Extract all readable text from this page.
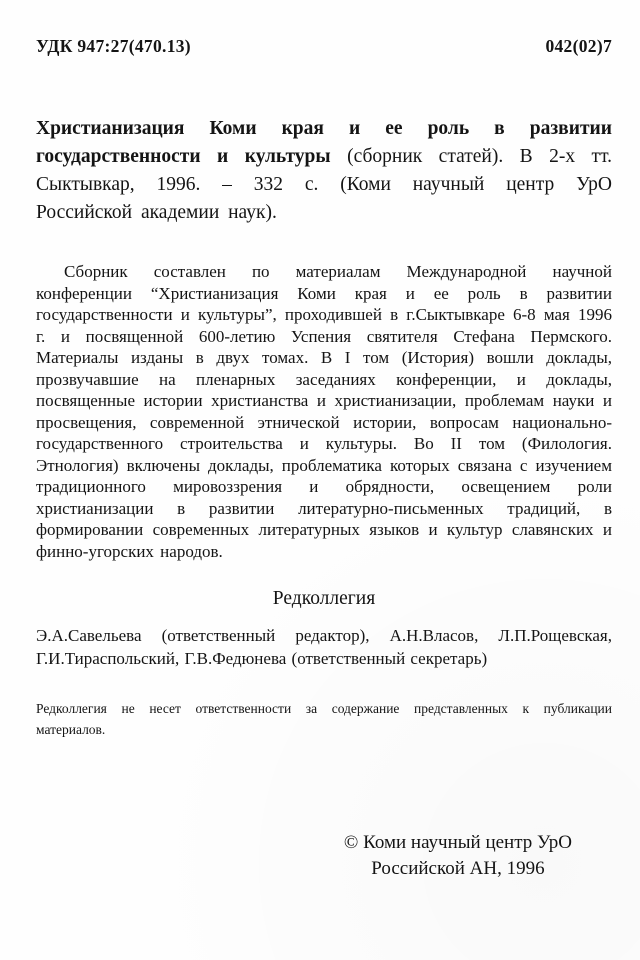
УДК 947:27(470.13)	042(02)7

Христианизация Коми края и ее роль в развитии государственности и культуры (сборник статей). В 2-х тт. Сыктывкар, 1996. – 332 с. (Коми научный центр УрО Российской академии наук).

Сборник составлен по материалам Международной научной конференции “Христианизация Коми края и ее роль в развитии государственности и культуры”, проходившей в г.Сыктывкаре 6-8 мая 1996 г. и посвященной 600-летию Успения святителя Стефана Пермского. Материалы изданы в двух томах. В I том (История) вошли доклады, прозвучавшие на пленарных заседаниях конференции, и доклады, посвященные истории христианства и христианизации, проблемам науки и просвещения, современной этнической истории, вопросам национально-государственного строительства и культуры. Во II том (Филология. Этнология) включены доклады, проблематика которых связана с изучением традиционного мировоззрения и обрядности, освещением роли христианизации в развитии литературно-письменных традиций, в формировании современных литературных языков и культур славянских и финно-угорских народов.

Редколлегия

Э.А.Савельева (ответственный редактор), А.Н.Власов, Л.П.Рощевская, Г.И.Тираспольский, Г.В.Федюнева (ответственный секретарь)

Редколлегия не несет ответственности за содержание представленных к публикации материалов.

© Коми научный центр УрО
Российской АН, 1996
